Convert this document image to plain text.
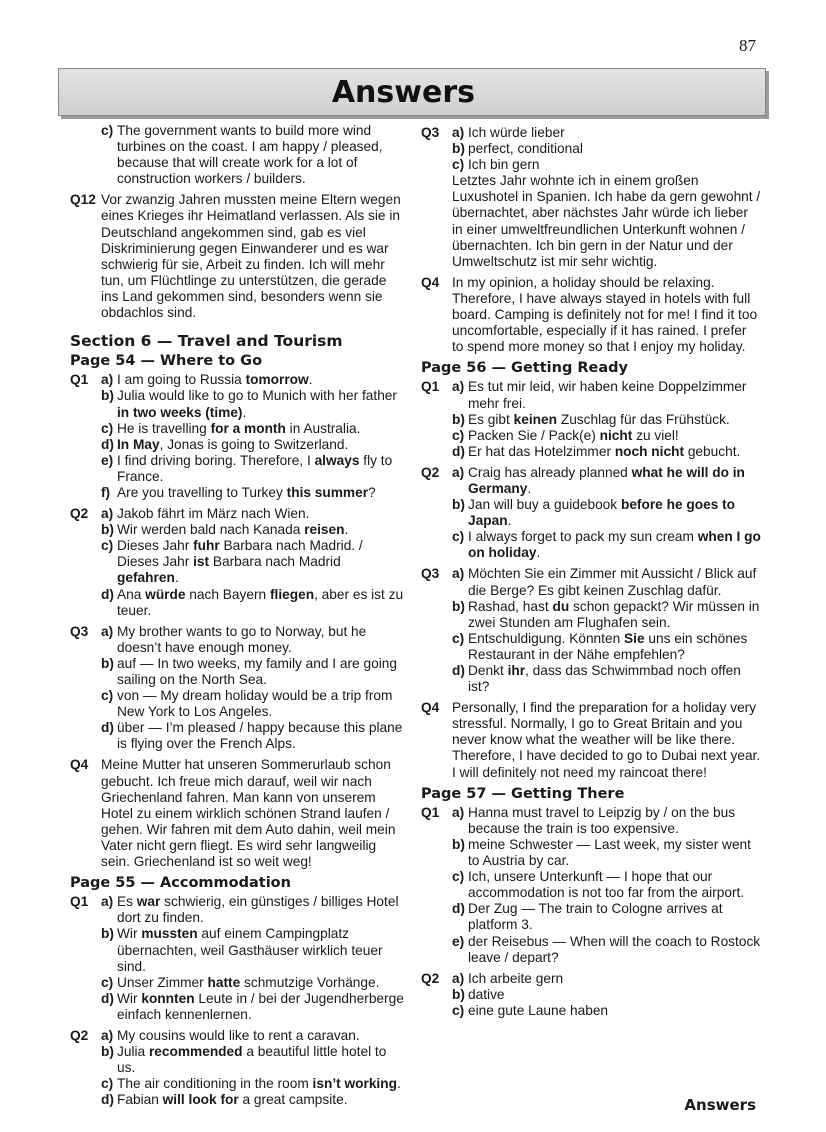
87
Answers
c) The government wants to build more wind turbines on the coast. I am happy / pleased, because that will create work for a lot of construction workers / builders.
Q12 Vor zwanzig Jahren mussten meine Eltern wegen eines Krieges ihr Heimatland verlassen. Als sie in Deutschland angekommen sind, gab es viel Diskriminierung gegen Einwanderer und es war schwierig für sie, Arbeit zu finden. Ich will mehr tun, um Flüchtlinge zu unterstützen, die gerade ins Land gekommen sind, besonders wenn sie obdachlos sind.
Section 6 — Travel and Tourism
Page 54 — Where to Go
Q1 a) I am going to Russia tomorrow.
b) Julia would like to go to Munich with her father in two weeks (time).
c) He is travelling for a month in Australia.
d) In May, Jonas is going to Switzerland.
e) I find driving boring. Therefore, I always fly to France.
f) Are you travelling to Turkey this summer?
Q2 a) Jakob fährt im März nach Wien.
b) Wir werden bald nach Kanada reisen.
c) Dieses Jahr fuhr Barbara nach Madrid. / Dieses Jahr ist Barbara nach Madrid gefahren.
d) Ana würde nach Bayern fliegen, aber es ist zu teuer.
Q3 a) My brother wants to go to Norway, but he doesn’t have enough money.
b) auf — In two weeks, my family and I are going sailing on the North Sea.
c) von — My dream holiday would be a trip from New York to Los Angeles.
d) über — I’m pleased / happy because this plane is flying over the French Alps.
Q4 Meine Mutter hat unseren Sommerurlaub schon gebucht. Ich freue mich darauf, weil wir nach Griechenland fahren. Man kann von unserem Hotel zu einem wirklich schönen Strand laufen / gehen. Wir fahren mit dem Auto dahin, weil mein Vater nicht gern fliegt. Es wird sehr langweilig sein. Griechenland ist so weit weg!
Page 55 — Accommodation
Q1 a) Es war schwierig, ein günstiges / billiges Hotel dort zu finden.
b) Wir mussten auf einem Campingplatz übernachten, weil Gasthäuser wirklich teuer sind.
c) Unser Zimmer hatte schmutzige Vorhänge.
d) Wir konnten Leute in / bei der Jugendherberge einfach kennenlernen.
Q2 a) My cousins would like to rent a caravan.
b) Julia recommended a beautiful little hotel to us.
c) The air conditioning in the room isn’t working.
d) Fabian will look for a great campsite.
Q3 a) Ich würde lieber
b) perfect, conditional
c) Ich bin gern
Letztes Jahr wohnte ich in einem großen Luxushotel in Spanien. Ich habe da gern gewohnt / übernachtet, aber nächstes Jahr würde ich lieber in einer umweltfreundlichen Unterkunft wohnen / übernachten. Ich bin gern in der Natur und der Umweltschutz ist mir sehr wichtig.
Q4 In my opinion, a holiday should be relaxing. Therefore, I have always stayed in hotels with full board. Camping is definitely not for me! I find it too uncomfortable, especially if it has rained. I prefer to spend more money so that I enjoy my holiday.
Page 56 — Getting Ready
Q1 a) Es tut mir leid, wir haben keine Doppelzimmer mehr frei.
b) Es gibt keinen Zuschlag für das Frühstück.
c) Packen Sie / Pack(e) nicht zu viel!
d) Er hat das Hotelzimmer noch nicht gebucht.
Q2 a) Craig has already planned what he will do in Germany.
b) Jan will buy a guidebook before he goes to Japan.
c) I always forget to pack my sun cream when I go on holiday.
Q3 a) Möchten Sie ein Zimmer mit Aussicht / Blick auf die Berge? Es gibt keinen Zuschlag dafür.
b) Rashad, hast du schon gepackt? Wir müssen in zwei Stunden am Flughafen sein.
c) Entschuldigung. Könnten Sie uns ein schönes Restaurant in der Nähe empfehlen?
d) Denkt ihr, dass das Schwimmbad noch offen ist?
Q4 Personally, I find the preparation for a holiday very stressful. Normally, I go to Great Britain and you never know what the weather will be like there. Therefore, I have decided to go to Dubai next year. I will definitely not need my raincoat there!
Page 57 — Getting There
Q1 a) Hanna must travel to Leipzig by / on the bus because the train is too expensive.
b) meine Schwester — Last week, my sister went to Austria by car.
c) Ich, unsere Unterkunft — I hope that our accommodation is not too far from the airport.
d) Der Zug — The train to Cologne arrives at platform 3.
e) der Reisebus — When will the coach to Rostock leave / depart?
Q2 a) Ich arbeite gern
b) dative
c) eine gute Laune haben
Answers
